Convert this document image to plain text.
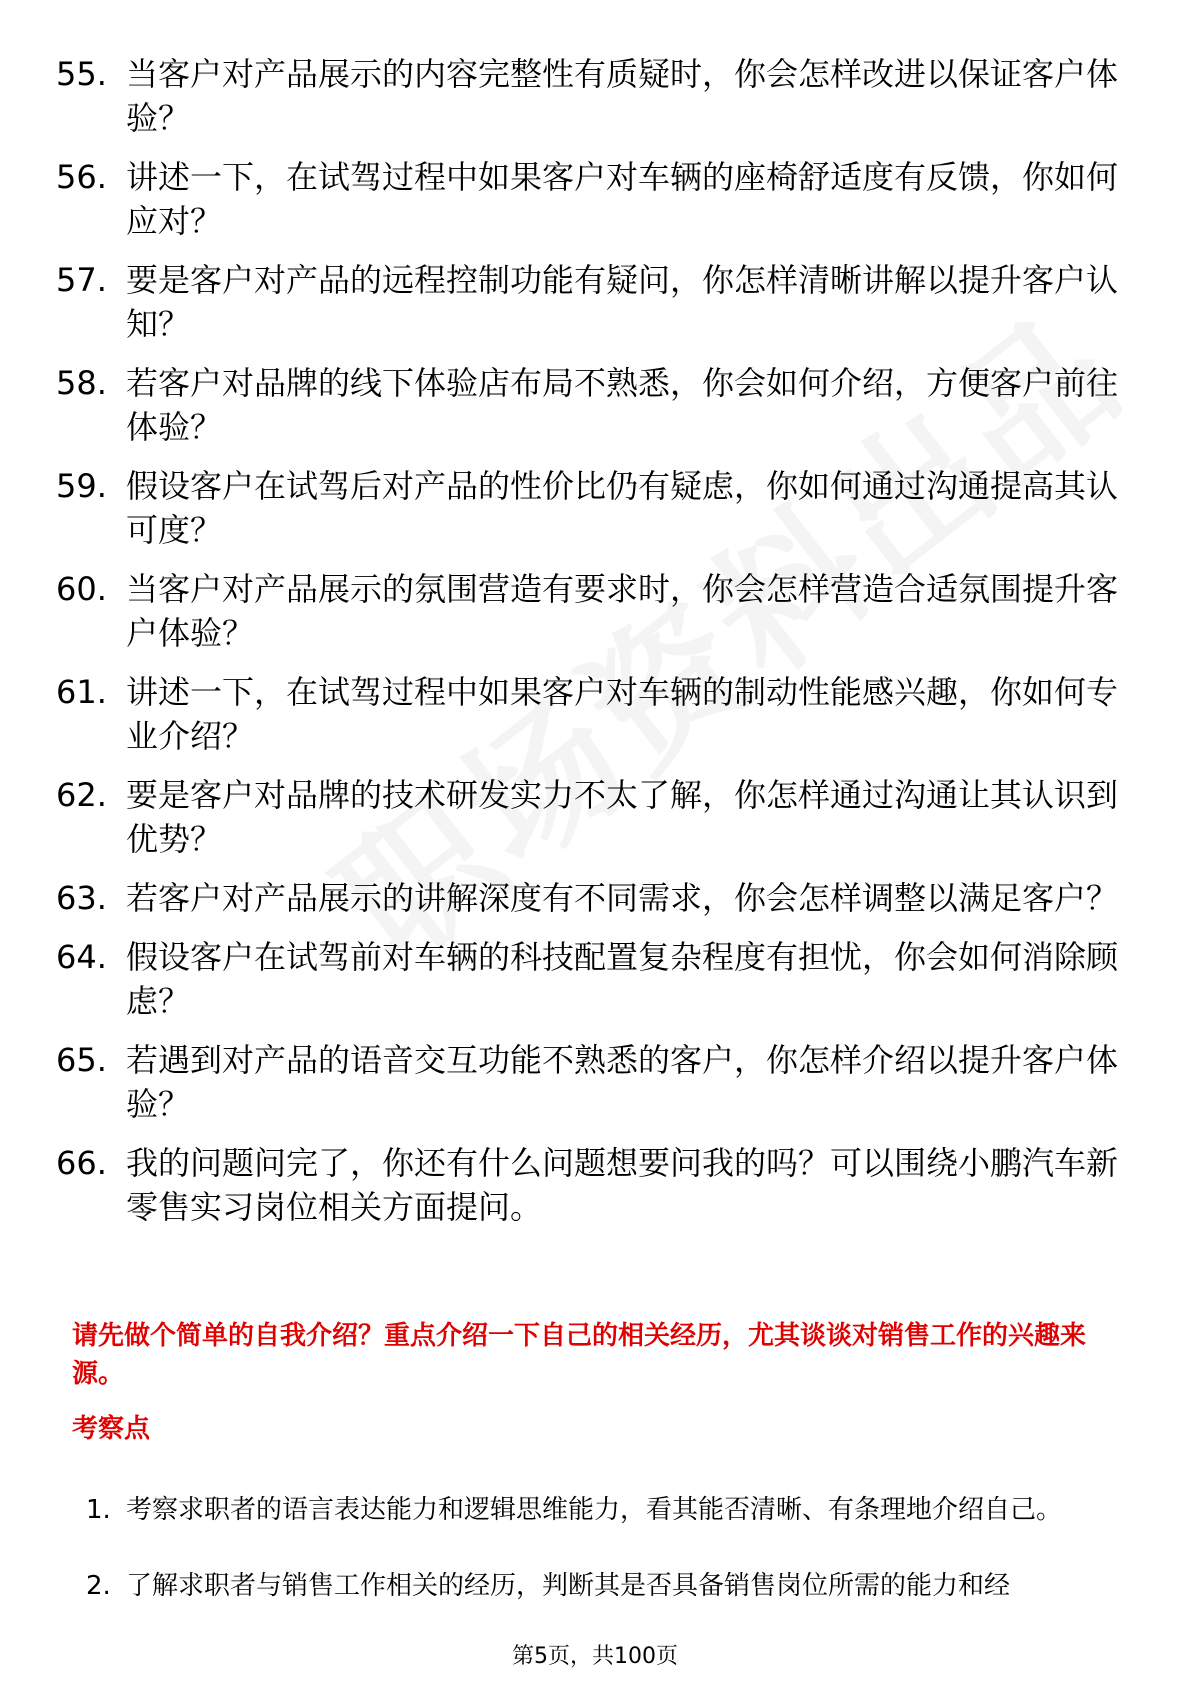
55. 当客户对产品展示的内容完整性有质疑时，你会怎样改进以保证客户体验？
56. 讲述一下，在试驾过程中如果客户对车辆的座椅舒适度有反馈，你如何应对？
57. 要是客户对产品的远程控制功能有疑问，你怎样清晰讲解以提升客户认知？
58. 若客户对品牌的线下体验店布局不熟悉，你会如何介绍，方便客户前往体验？
59. 假设客户在试驾后对产品的性价比仍有疑虑，你如何通过沟通提高其认可度？
60. 当客户对产品展示的氛围营造有要求时，你会怎样营造合适氛围提升客户体验？
61. 讲述一下，在试驾过程中如果客户对车辆的制动性能感兴趣，你如何专业介绍？
62. 要是客户对品牌的技术研发实力不太了解，你怎样通过沟通让其认识到优势？
63. 若客户对产品展示的讲解深度有不同需求，你会怎样调整以满足客户？
64. 假设客户在试驾前对车辆的科技配置复杂程度有担忧，你会如何消除顾虑？
65. 若遇到对产品的语音交互功能不熟悉的客户，你怎样介绍以提升客户体验？
66. 我的问题问完了，你还有什么问题想要问我的吗？可以围绕小鹏汽车新零售实习岗位相关方面提问。

请先做个简单的自我介绍？重点介绍一下自己的相关经历，尤其谈谈对销售工作的兴趣来源。

考察点
1. 考察求职者的语言表达能力和逻辑思维能力，看其能否清晰、有条理地介绍自己。
2. 了解求职者与销售工作相关的经历，判断其是否具备销售岗位所需的能力和经
第5页，共100页
